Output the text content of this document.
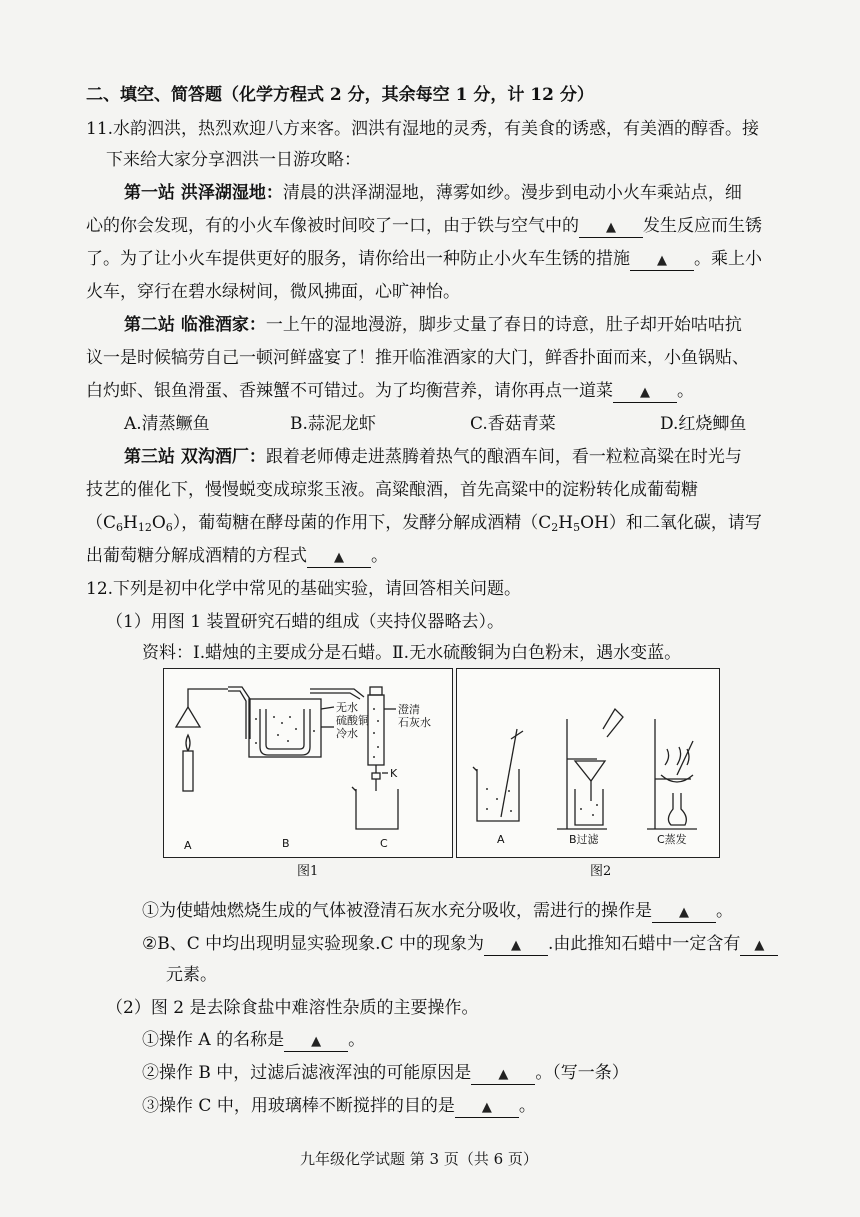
二、填空、简答题（化学方程式 2 分，其余每空 1 分，计 12 分）
11.水韵泗洪，热烈欢迎八方来客。泗洪有湿地的灵秀，有美食的诱惑，有美酒的醇香。接
下来给大家分享泗洪一日游攻略：
第一站 洪泽湖湿地：清晨的洪泽湖湿地，薄雾如纱。漫步到电动小火车乘站点，细
心的你会发现，有的小火车像被时间咬了一口，由于铁与空气中的 ▲ 发生反应而生锈
了。为了让小火车提供更好的服务，请你给出一种防止小火车生锈的措施 ▲ 。乘上小
火车，穿行在碧水绿树间，微风拂面，心旷神怡。
第二站 临淮酒家：一上午的湿地漫游，脚步丈量了春日的诗意，肚子却开始咕咕抗
议一是时候犒劳自己一顿河鲜盛宴了！推开临淮酒家的大门，鲜香扑面而来，小鱼锅贴、
白灼虾、银鱼滑蛋、香辣蟹不可错过。为了均衡营养，请你再点一道菜 ▲ 。
A.清蒸鳜鱼	B.蒜泥龙虾	C.香菇青菜	D.红烧鲫鱼
第三站 双沟酒厂：跟着老师傅走进蒸腾着热气的酿酒车间，看一粒粒高粱在时光与
技艺的催化下，慢慢蜕变成琼浆玉液。高粱酿酒，首先高粱中的淀粉转化成葡萄糖
$(C_6H_{12}O_6)$，葡萄糖在酵母菌的作用下，发酵分解成酒精$(C_2H_5OH)$和二氧化碳，请写
出葡萄糖分解成酒精的方程式 ▲ 。
12.下列是初中化学中常见的基础实验，请回答相关问题。
（1）用图 1 装置研究石蜡的组成（夹持仪器略去）。
资料：Ⅰ.蜡烛的主要成分是石蜡。Ⅱ.无水硫酸铜为白色粉末，遇水变蓝。
无水
硫酸铜
冷水
澄清
石灰水
K
A	B	C
图1
A	B过滤	C蒸发
图2
①为使蜡烛燃烧生成的气体被澄清石灰水充分吸收，需进行的操作是 ▲ 。
②B、C 中均出现明显实验现象.C 中的现象为 ▲ .由此推知石蜡中一定含有 ▲
元素。
（2）图 2 是去除食盐中难溶性杂质的主要操作。
①操作 A 的名称是 ▲ 。
②操作 B 中，过滤后滤液浑浊的可能原因是 ▲ 。（写一条）
③操作 C 中，用玻璃棒不断搅拌的目的是 ▲ 。
九年级化学试题 第 3 页（共 6 页）
